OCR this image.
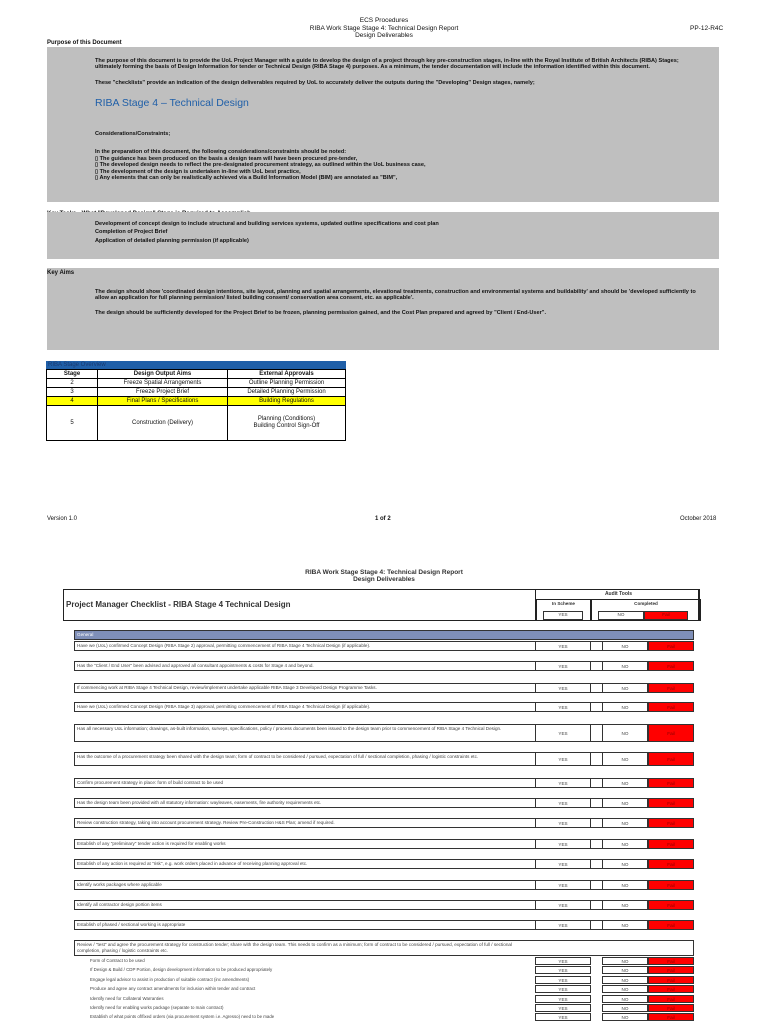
ECS Procedures
RIBA Work Stage Stage 4: Technical Design Report
Design Deliverables
PP-12-R4C
Purpose of this Document
The purpose of this document is to provide the UoL Project Manager with a guide to develop the design of a project through key pre-construction stages, in-line with the Royal Institute of British Architects (RIBA) Stages; ultimately forming the basis of Design Information for tender or Technical Design (RIBA Stage 4) purposes. As a minimum, the tender documentation will include the information identified within this document.
These "checklists" provide an indication of the design deliverables required by UoL to accurately deliver the outputs during the "Developing" Design stages, namely;
RIBA Stage 4 – Technical Design
Considerations/Constraints;
In the preparation of this document, the following considerations/constraints should be noted:
▯ The guidance has been produced on the basis a design team will have been procured pre-tender,
▯ The developed design needs to reflect the pre-designated procurement strategy, as outlined within the UoL business case,
▯ The development of the design is undertaken in-line with UoL best practice,
▯ Any elements that can only be realistically achieved via a Build Information Model (BIM) are annotated as "BIM",
Development of concept design to include structural and building services systems, updated outline specifications and cost plan
Completion of Project Brief
Application of detailed planning permission (if applicable)
Key Aims
The design should show 'coordinated design intentions, site layout, planning and spatial arrangements, elevational treatments, construction and environmental systems and buildability' and should be 'developed sufficiently to allow an application for full planning permission/ listed building consent/ conservation area consent, etc. as applicable'.
The design should be sufficiently developed for the Project Brief to be frozen, planning permission gained, and the Cost Plan prepared and agreed by "Client / End-User".
RIBA Stage Overview
Stage	Design Output Aims	External Approvals
2	Freeze Spatial Arrangements	Outline Planning Permission
3	Freeze Project Brief	Detailed Planning Permission
4	Final Plans / Specifications	Building Regulations
5	Construction (Delivery)	Planning (Conditions)
Building Control Sign-Off
Version 1.0	1 of 2	October 2018
RIBA Work Stage Stage 4: Technical Design Report
Design Deliverables
Project Manager Checklist - RIBA Stage 4 Technical Design
Audit Tools
In Scheme
YES
Completed
NO	Fail
General
Have we (UoL) confirmed Concept Design (RIBA Stage 2) approval, permitting commencement of RIBA Stage 4 Technical Design (if applicable).	YES	NO	Fail
Has the "Client / End User" been advised and approved all consultant appointments & costs for Stage 4 and beyond.	YES	NO	Fail
If commencing work at RIBA Stage 4 Technical Design, review/implement undertake applicable RIBA Stage 3 Developed Design Programme Tasks.	YES	NO	Fail
Have we (UoL) confirmed Concept Design (RIBA Stage 3) approval, permitting commencement of RIBA Stage 4 Technical Design (if applicable).	YES	NO	Fail
Has all necessary UoL information; drawings, as-built information, surveys, specifications, policy / process documents been issued to the design team prior to commencement of RIBA Stage 4 Technical Design.
YES	NO	Fail
Has the outcome of a procurement strategy been shared with the design team; form of contract to be considered / pursued, expectation of full / sectional completion, phasing / logistic constraints etc.
YES	NO	Fail
Confirm procurement strategy in place: form of build contract to be used	YES	NO	Fail
Has the design team been provided with all statutory information: wayleaves, easements, fire authority requirements etc.	YES	NO	Fail
Review construction strategy, taking into account procurement strategy. Review Pre-Construction H&S Plan; amend if required.	YES	NO	Fail
Establish of any "preliminary" tender action is required for enabling works	YES	NO	Fail
Establish of any action is required at "risk", e.g. work orders placed in advance of receiving planning approval etc.	YES	NO	Fail
Identify works packages where applicable	YES	NO	Fail
Identify all contractor design portion items	YES	NO	Fail
Establish of phased / sectional working is appropriate	YES	NO	Fail
Review / "test" and agree the procurement strategy for construction tender; share with the design team. This needs to confirm as a minimum; form of contract to be considered / pursued, expectation of full / sectional completion, phasing / logistic constraints etc.
Form of Contract to be used	YES	NO	Fail
If Design & Build / CDP Portion, design development information to be produced appropriately	YES	NO	Fail
Engage legal advisor to assist in production of suitable contract (inc amendments)	YES	NO	Fail
Produce and agree any contract amendments for inclusion within tender and contract	YES	NO	Fail
Identify need for Collateral Warranties	YES	NO	Fail
Identify need for enabling works package (separate to main contract)	YES	NO	Fail
Establish of what points of/fixed orders (via procurement system i.e. Agresso) need to be made	YES	NO	Fail
